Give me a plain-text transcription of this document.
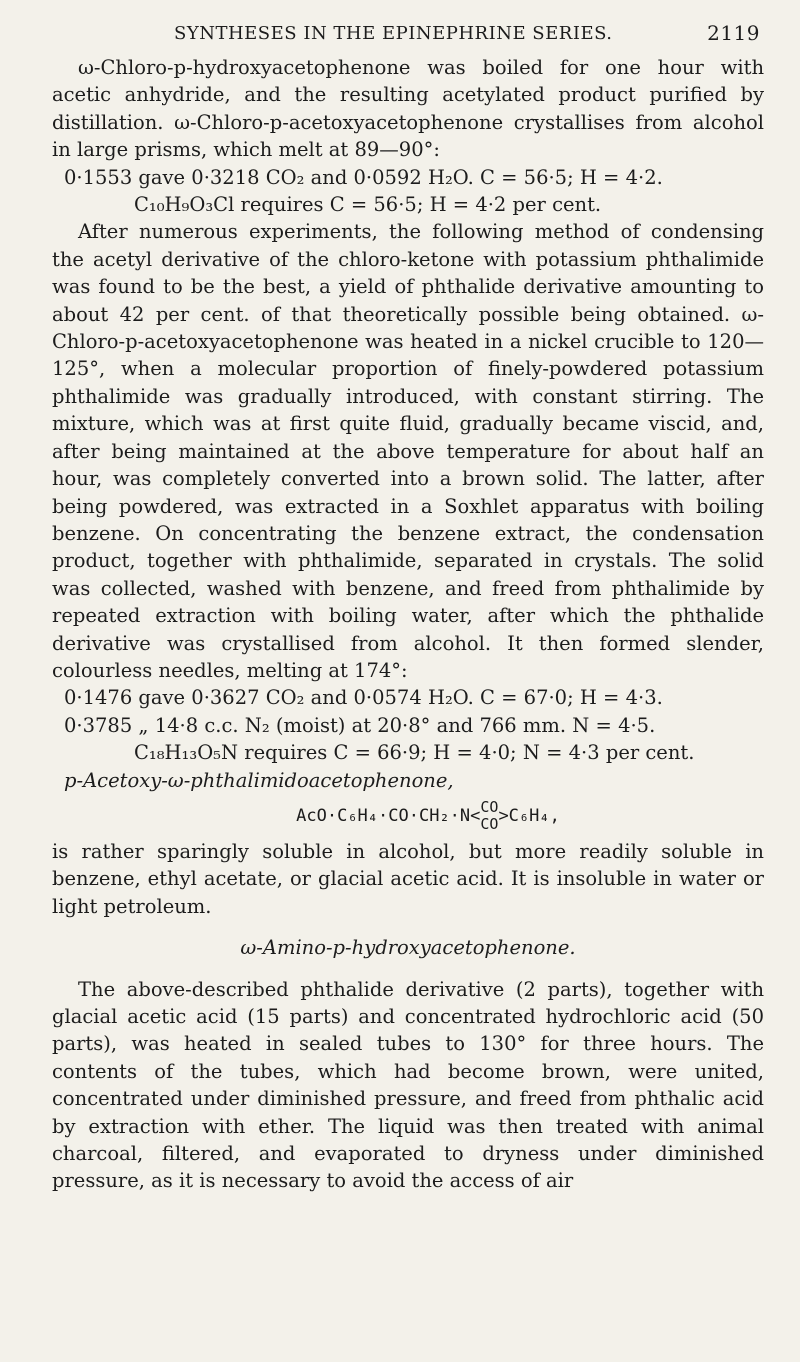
SYNTHESES IN THE EPINEPHRINE SERIES.	2119

ω-Chloro-p-hydroxyacetophenone was boiled for one hour with acetic anhydride, and the resulting acetylated product purified by distillation. ω-Chloro-p-acetoxyacetophenone crystallises from alcohol in large prisms, which melt at 89—90°:

0·1553 gave 0·3218 CO₂ and 0·0592 H₂O. C = 56·5; H = 4·2.

C₁₀H₉O₃Cl requires C = 56·5; H = 4·2 per cent.

After numerous experiments, the following method of condensing the acetyl derivative of the chloro-ketone with potassium phthalimide was found to be the best, a yield of phthalide derivative amounting to about 42 per cent. of that theoretically possible being obtained. ω-Chloro-p-acetoxyacetophenone was heated in a nickel crucible to 120—125°, when a molecular proportion of finely-powdered potassium phthalimide was gradually introduced, with constant stirring. The mixture, which was at first quite fluid, gradually became viscid, and, after being maintained at the above temperature for about half an hour, was completely converted into a brown solid. The latter, after being powdered, was extracted in a Soxhlet apparatus with boiling benzene. On concentrating the benzene extract, the condensation product, together with phthalimide, separated in crystals. The solid was collected, washed with benzene, and freed from phthalimide by repeated extraction with boiling water, after which the phthalide derivative was crystallised from alcohol. It then formed slender, colourless needles, melting at 174°:

0·1476 gave 0·3627 CO₂ and 0·0574 H₂O. C = 67·0; H = 4·3.

0·3785 „ 14·8 c.c. N₂ (moist) at 20·8° and 766 mm. N = 4·5.

C₁₈H₁₃O₅N requires C = 66·9; H = 4·0; N = 4·3 per cent.

p-Acetoxy-ω-phthalimidoacetophenone,

AcO·C₆H₄·CO·CH₂·N< CO
CO >C₆H₄,

is rather sparingly soluble in alcohol, but more readily soluble in benzene, ethyl acetate, or glacial acetic acid. It is insoluble in water or light petroleum.

ω-Amino-p-hydroxyacetophenone.

The above-described phthalide derivative (2 parts), together with glacial acetic acid (15 parts) and concentrated hydrochloric acid (50 parts), was heated in sealed tubes to 130° for three hours. The contents of the tubes, which had become brown, were united, concentrated under diminished pressure, and freed from phthalic acid by extraction with ether. The liquid was then treated with animal charcoal, filtered, and evaporated to dryness under diminished pressure, as it is necessary to avoid the access of air
